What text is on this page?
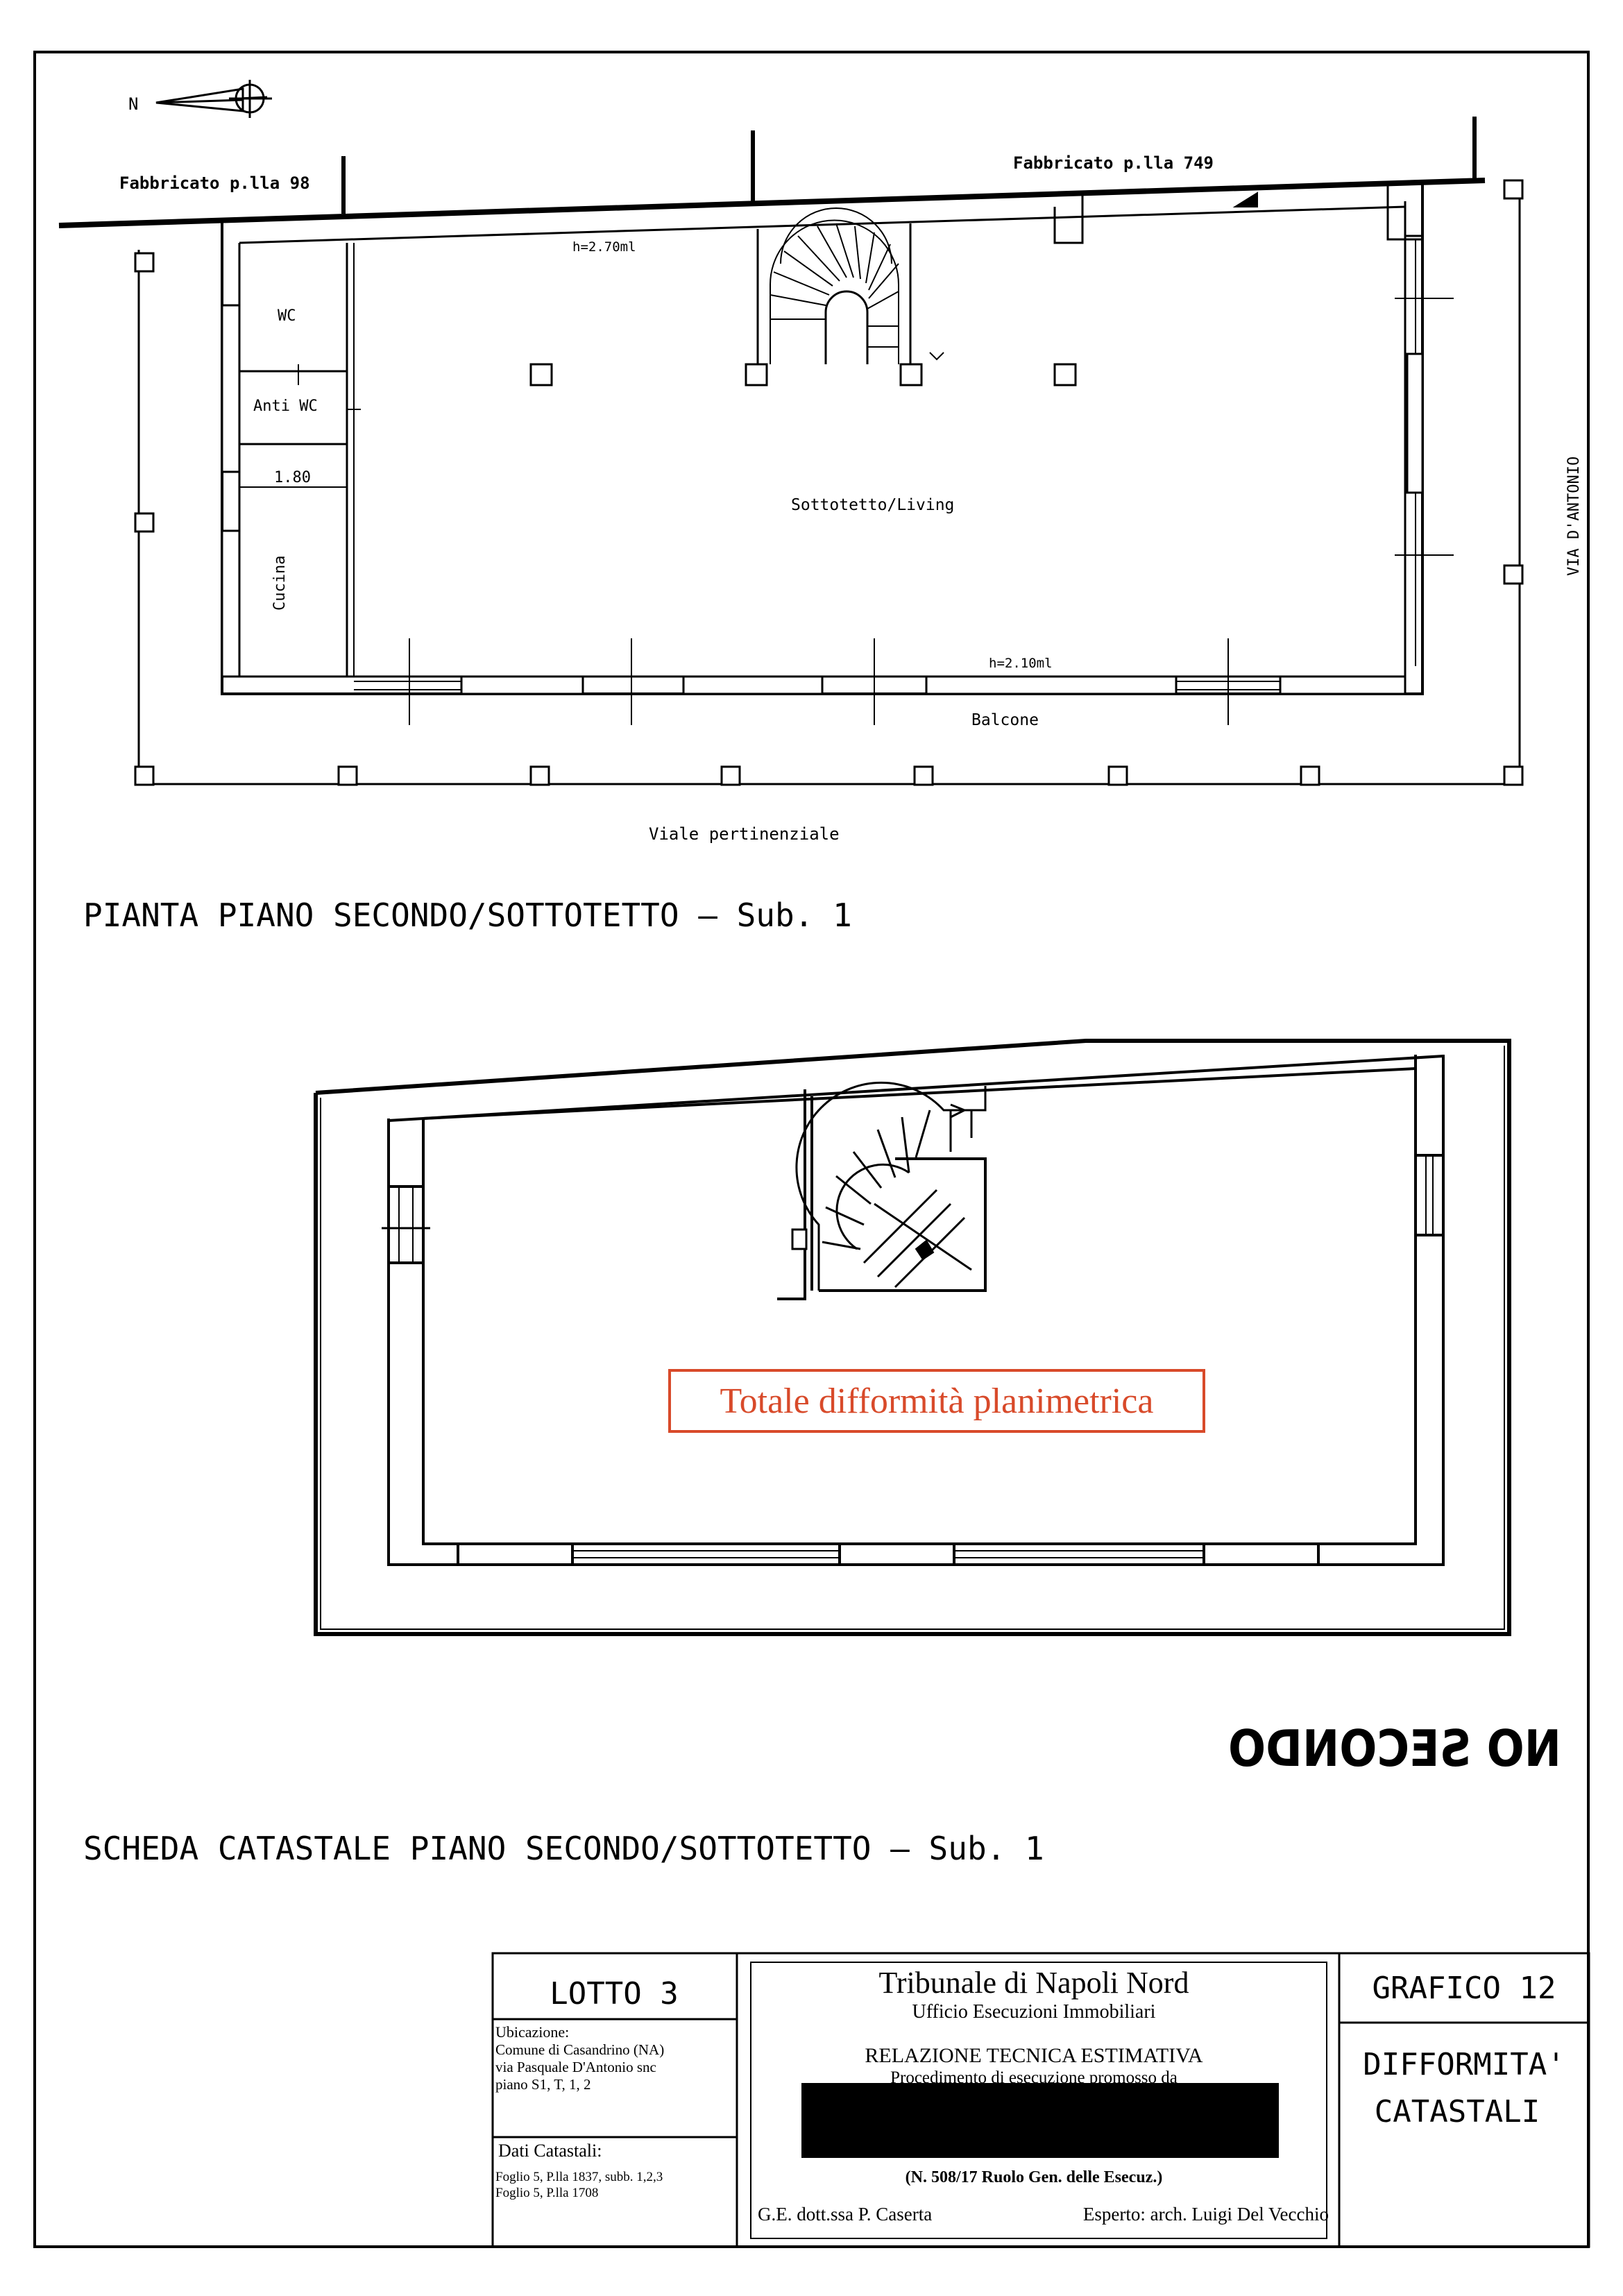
N
Fabbricato p.lla 98
Fabbricato p.lla 749
h=2.70ml
WC
Anti WC
1.80
Cucina
Sottotetto/Living
h=2.10ml
Balcone
VIA D'ANTONIO
Viale pertinenziale
PIANTA PIANO SECONDO/SOTTOTETTO – Sub. 1
Totale difformità planimetrica
NO SECONDO
SCHEDA CATASTALE PIANO SECONDO/SOTTOTETTO – Sub. 1
LOTTO 3
Ubicazione:
Comune di Casandrino (NA)
via Pasquale D'Antonio snc
piano S1, T, 1, 2
Dati Catastali:
Foglio 5, P.lla 1837, subb. 1,2,3
Foglio 5, P.lla 1708
Tribunale di Napoli Nord
Ufficio Esecuzioni Immobiliari
RELAZIONE TECNICA ESTIMATIVA
Procedimento di esecuzione promosso da
(N. 508/17 Ruolo Gen. delle Esecuz.)
G.E. dott.ssa P. Caserta	Esperto: arch. Luigi Del Vecchio
GRAFICO 12
DIFFORMITA'
CATASTALI
